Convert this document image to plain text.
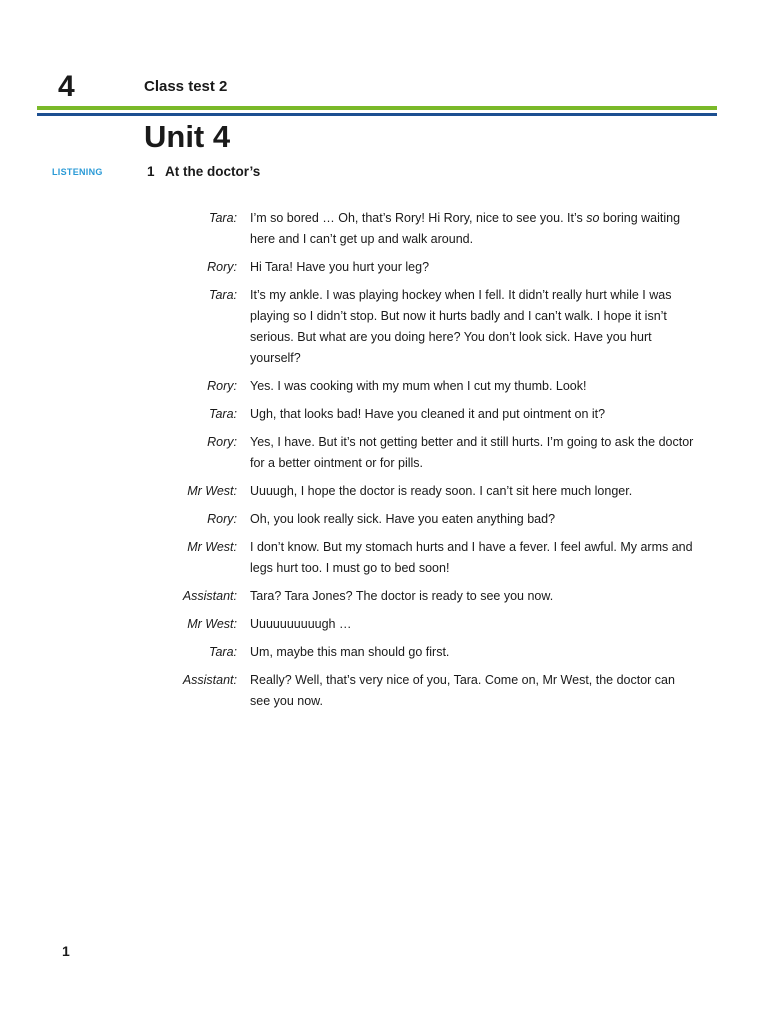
4	Class test 2
Unit 4
LISTENING	1 At the doctor’s
Tara: I’m so bored … Oh, that’s Rory! Hi Rory, nice to see you. It’s so boring waiting here and I can’t get up and walk around.
Rory: Hi Tara! Have you hurt your leg?
Tara: It’s my ankle. I was playing hockey when I fell. It didn’t really hurt while I was playing so I didn’t stop. But now it hurts badly and I can’t walk. I hope it isn’t serious. But what are you doing here? You don’t look sick. Have you hurt yourself?
Rory: Yes. I was cooking with my mum when I cut my thumb. Look!
Tara: Ugh, that looks bad! Have you cleaned it and put ointment on it?
Rory: Yes, I have. But it’s not getting better and it still hurts. I’m going to ask the doctor for a better ointment or for pills.
Mr West: Uuuugh, I hope the doctor is ready soon. I can’t sit here much longer.
Rory: Oh, you look really sick. Have you eaten anything bad?
Mr West: I don’t know. But my stomach hurts and I have a fever. I feel awful. My arms and legs hurt too. I must go to bed soon!
Assistant: Tara? Tara Jones? The doctor is ready to see you now.
Mr West: Uuuuuuuuuugh …
Tara: Um, maybe this man should go first.
Assistant: Really? Well, that’s very nice of you, Tara. Come on, Mr West, the doctor can see you now.
1
